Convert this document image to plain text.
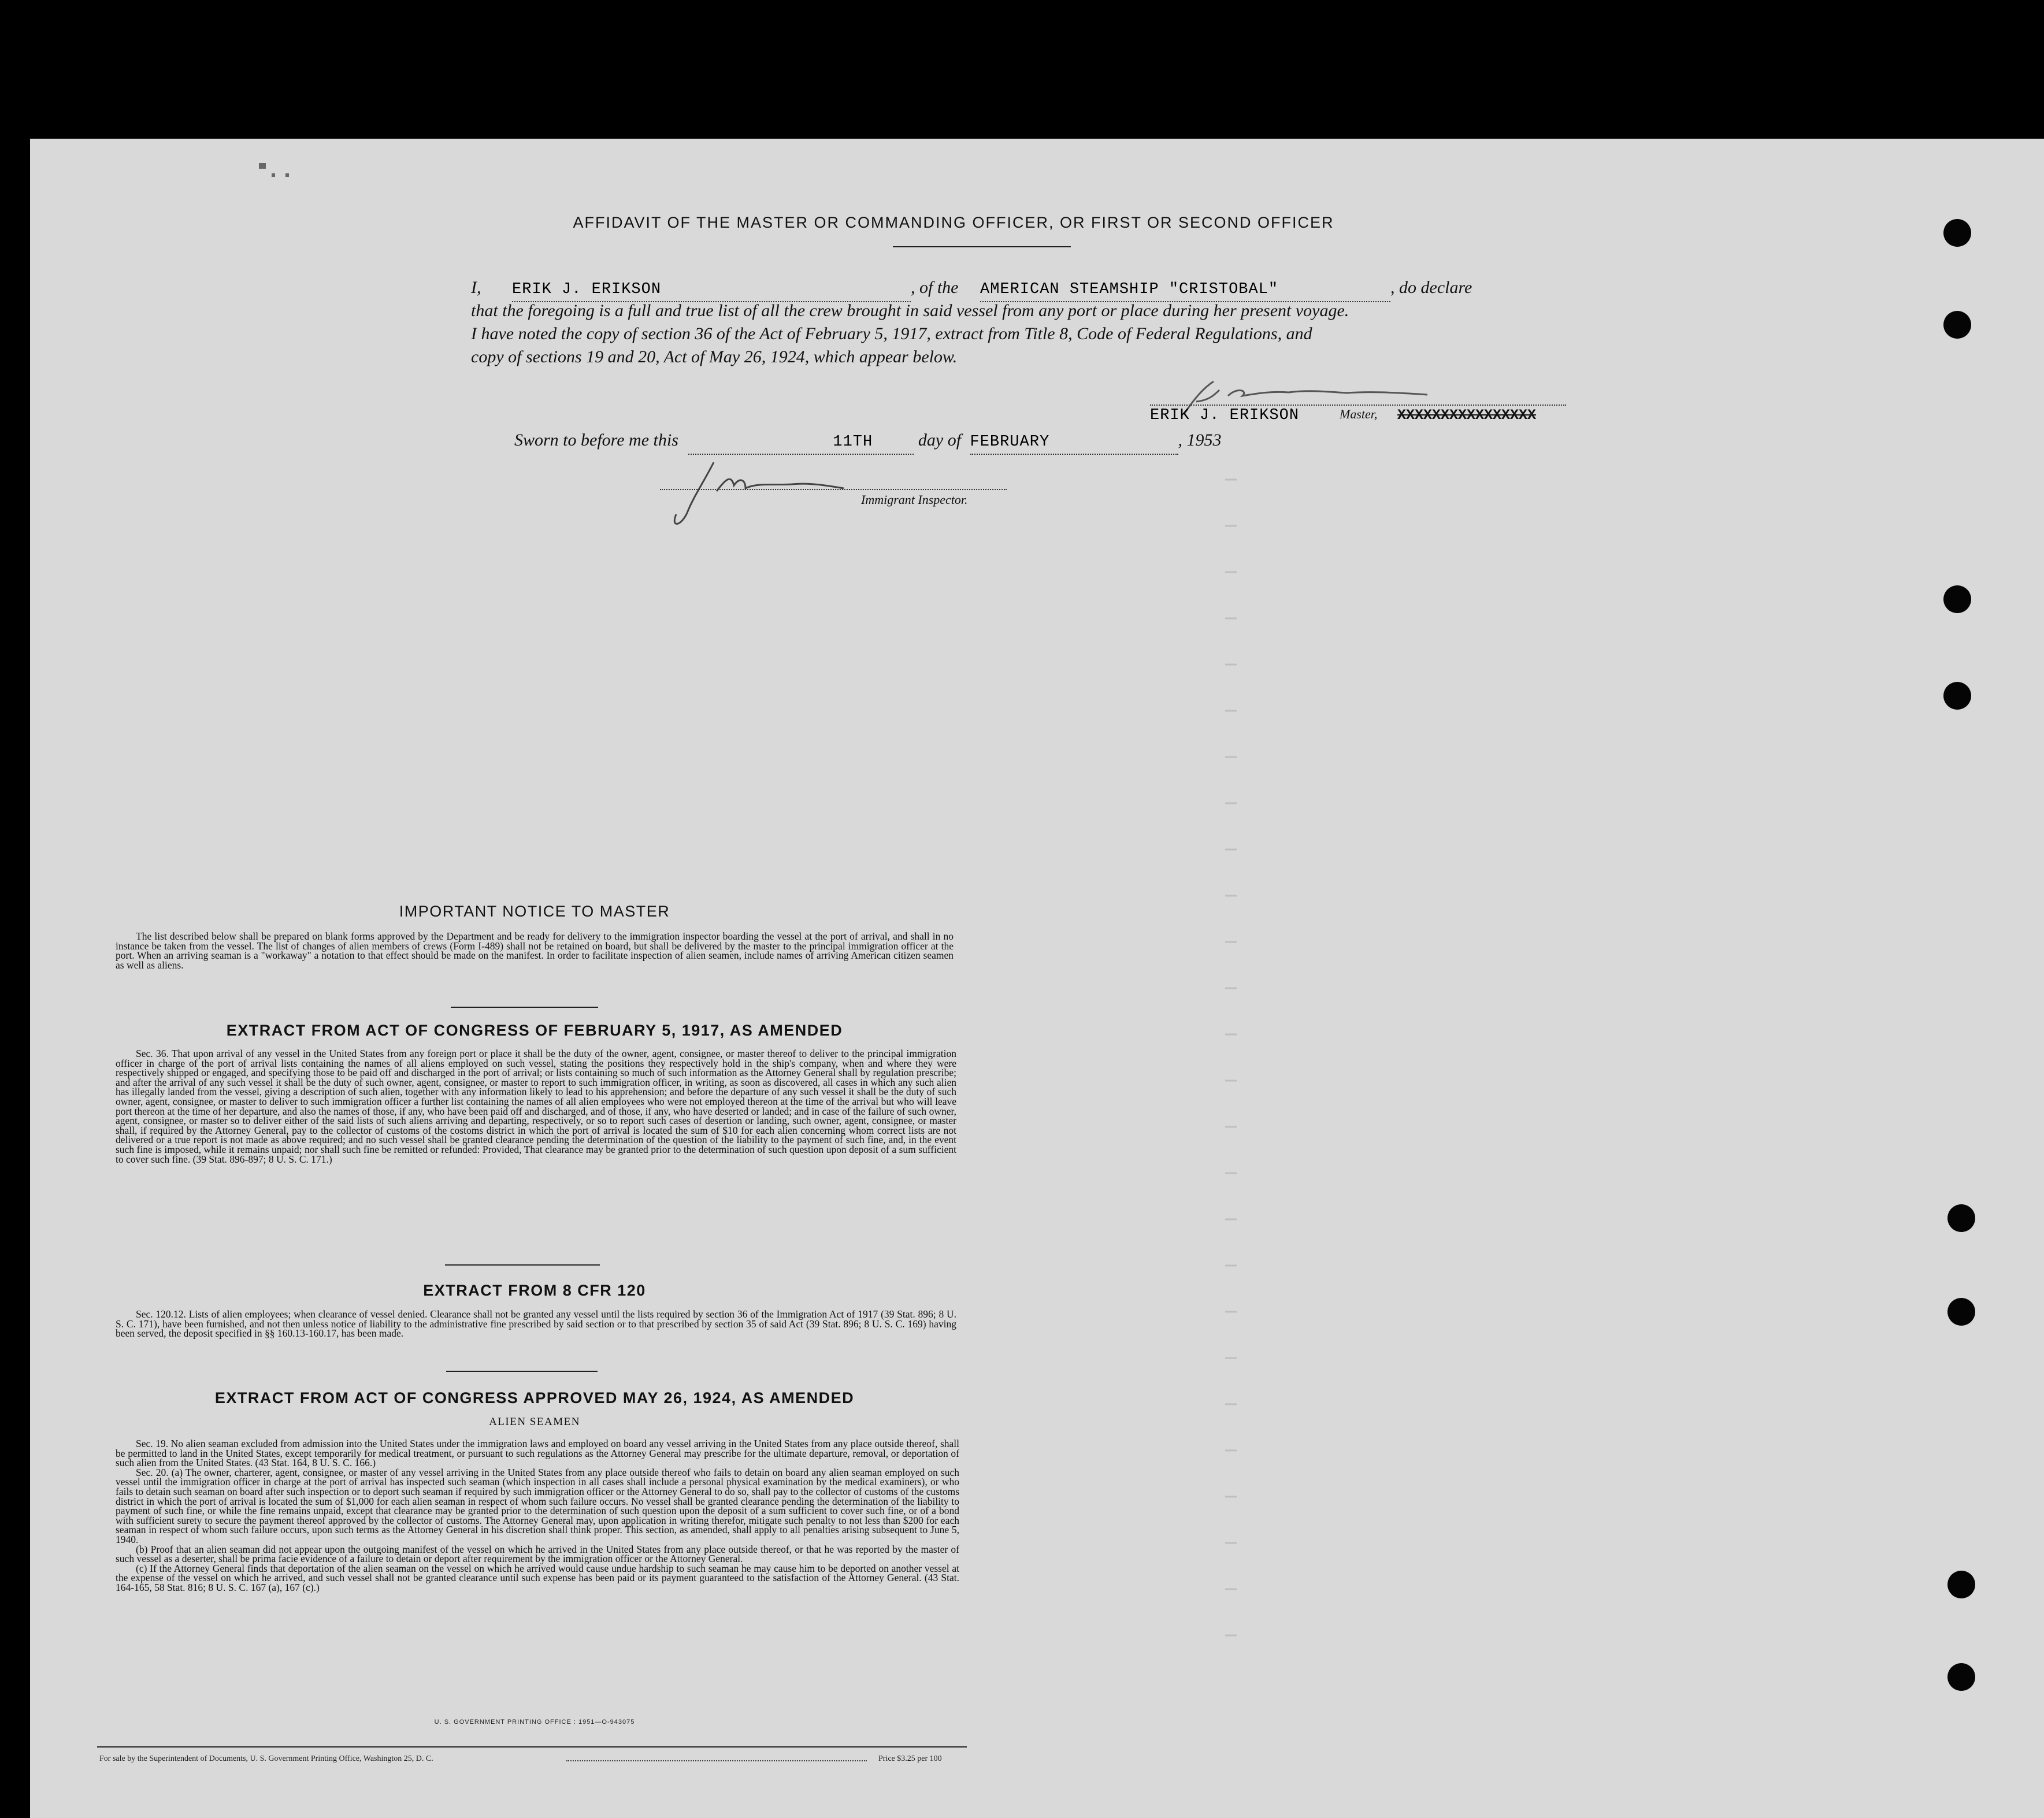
AFFIDAVIT OF THE MASTER OR COMMANDING OFFICER, OR FIRST OR SECOND OFFICER
I, ERIK J. ERIKSON	, of the AMERICAN STEAMSHIP "CRISTOBAL"	, do declare
that the foregoing is a full and true list of all the crew brought in said vessel from any port or place during her present voyage.
I have noted the copy of section 36 of the Act of February 5, 1917, extract from Title 8, Code of Federal Regulations, and
copy of sections 19 and 20, Act of May 26, 1924, which appear below.
ERIK J. ERIKSON	Master, XXXXXXXXXXXXXXXX
Sworn to before me this	11TH	day of FEBRUARY	, 1953
Immigrant Inspector.
IMPORTANT NOTICE TO MASTER
The list described below shall be prepared on blank forms approved by the Department and be ready for delivery to the immigration inspector boarding the vessel at the port of arrival, and shall in no instance be taken from the vessel. The list of changes of alien members of crews (Form I-489) shall not be retained on board, but shall be delivered by the master to the principal immigration officer at the port. When an arriving seaman is a "workaway" a notation to that effect should be made on the manifest. In order to facilitate inspection of alien seamen, include names of arriving American citizen seamen as well as aliens.
EXTRACT FROM ACT OF CONGRESS OF FEBRUARY 5, 1917, AS AMENDED
Sec. 36. That upon arrival of any vessel in the United States from any foreign port or place it shall be the duty of the owner, agent, consignee, or master thereof to deliver to the principal immigration officer in charge of the port of arrival lists containing the names of all aliens employed on such vessel, stating the positions they respectively hold in the ship's company, when and where they were respectively shipped or engaged, and specifying those to be paid off and discharged in the port of arrival; or lists containing so much of such information as the Attorney General shall by regulation prescribe; and after the arrival of any such vessel it shall be the duty of such owner, agent, consignee, or master to report to such immigration officer, in writing, as soon as discovered, all cases in which any such alien has illegally landed from the vessel, giving a description of such alien, together with any information likely to lead to his apprehension; and before the departure of any such vessel it shall be the duty of such owner, agent, consignee, or master to deliver to such immigration officer a further list containing the names of all alien employees who were not employed thereon at the time of the arrival but who will leave port thereon at the time of her departure, and also the names of those, if any, who have been paid off and discharged, and of those, if any, who have deserted or landed; and in case of the failure of such owner, agent, consignee, or master so to deliver either of the said lists of such aliens arriving and departing, respectively, or so to report such cases of desertion or landing, such owner, agent, consignee, or master shall, if required by the Attorney General, pay to the collector of customs of the costoms district in which the port of arrival is located the sum of $10 for each alien concerning whom correct lists are not delivered or a true report is not made as above required; and no such vessel shall be granted clearance pending the determination of the question of the liability to the payment of such fine, and, in the event such fine is imposed, while it remains unpaid; nor shall such fine be remitted or refunded: Provided, That clearance may be granted prior to the determination of such question upon deposit of a sum sufficient to cover such fine. (39 Stat. 896-897; 8 U. S. C. 171.)
EXTRACT FROM 8 CFR 120
Sec. 120.12. Lists of alien employees; when clearance of vessel denied. Clearance shall not be granted any vessel until the lists required by section 36 of the Immigration Act of 1917 (39 Stat. 896; 8 U. S. C. 171), have been furnished, and not then unless notice of liability to the administrative fine prescribed by said section or to that prescribed by section 35 of said Act (39 Stat. 896; 8 U. S. C. 169) having been served, the deposit specified in §§ 160.13-160.17, has been made.
EXTRACT FROM ACT OF CONGRESS APPROVED MAY 26, 1924, AS AMENDED
ALIEN SEAMEN
Sec. 19. No alien seaman excluded from admission into the United States under the immigration laws and employed on board any vessel arriving in the United States from any place outside thereof, shall be permitted to land in the United States, except temporarily for medical treatment, or pursuant to such regulations as the Attorney General may prescribe for the ultimate departure, removal, or deportation of such alien from the United States. (43 Stat. 164, 8 U. S. C. 166.)
Sec. 20. (a) The owner, charterer, agent, consignee, or master of any vessel arriving in the United States from any place outside thereof who fails to detain on board any alien seaman employed on such vessel until the immigration officer in charge at the port of arrival has inspected such seaman (which inspection in all cases shall include a personal physical examination by the medical examiners), or who fails to detain such seaman on board after such inspection or to deport such seaman if required by such immigration officer or the Attorney General to do so, shall pay to the collector of customs of the customs district in which the port of arrival is located the sum of $1,000 for each alien seaman in respect of whom such failure occurs. No vessel shall be granted clearance pending the determination of the liability to payment of such fine, or while the fine remains unpaid, except that clearance may be granted prior to the determination of such question upon the deposit of a sum sufficient to cover such fine, or of a bond with sufficient surety to secure the payment thereof approved by the collector of customs. The Attorney General may, upon application in writing therefor, mitigate such penalty to not less than $200 for each seaman in respect of whom such failure occurs, upon such terms as the Attorney General in his discretion shall think proper. This section, as amended, shall apply to all penalties arising subsequent to June 5, 1940.
(b) Proof that an alien seaman did not appear upon the outgoing manifest of the vessel on which he arrived in the United States from any place outside thereof, or that he was reported by the master of such vessel as a deserter, shall be prima facie evidence of a failure to detain or deport after requirement by the immigration officer or the Attorney General.
(c) If the Attorney General finds that deportation of the alien seaman on the vessel on which he arrived would cause undue hardship to such seaman he may cause him to be deported on another vessel at the expense of the vessel on which he arrived, and such vessel shall not be granted clearance until such expense has been paid or its payment guaranteed to the satisfaction of the Attorney General. (43 Stat. 164-165, 58 Stat. 816; 8 U. S. C. 167 (a), 167 (c).)
U. S. GOVERNMENT PRINTING OFFICE : 1951—O-943075
For sale by the Superintendent of Documents, U. S. Government Printing Office, Washington 25, D. C.	Price $3.25 per 100
